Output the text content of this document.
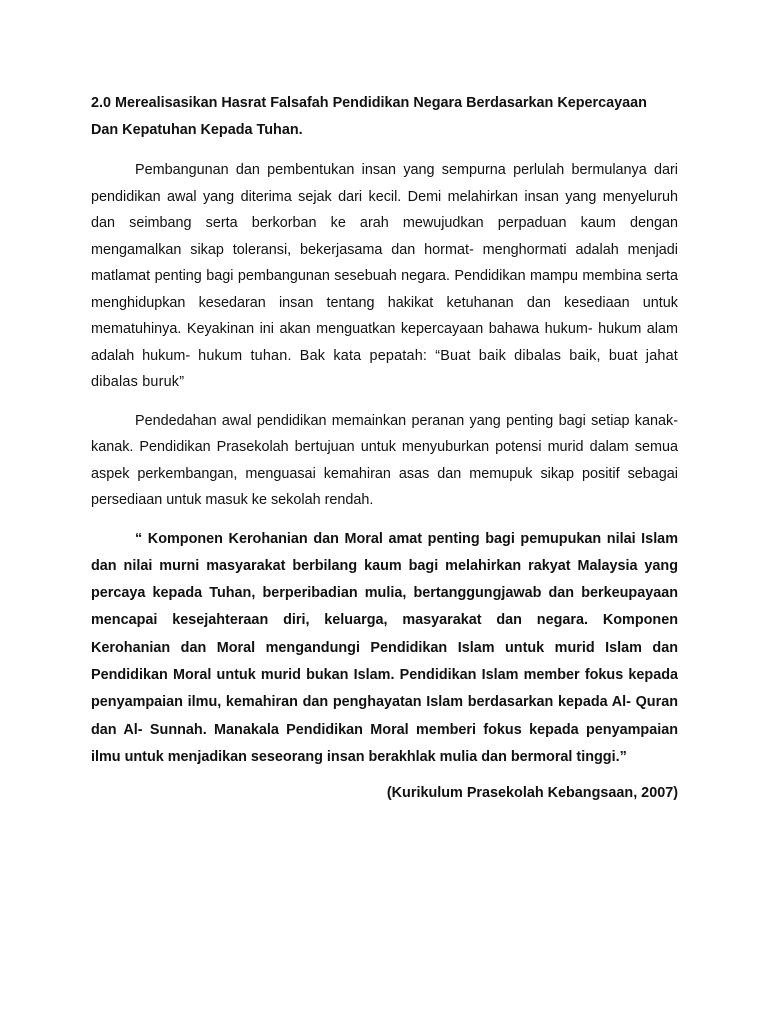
2.0 Merealisasikan Hasrat Falsafah Pendidikan Negara Berdasarkan Kepercayaan Dan Kepatuhan Kepada Tuhan.

Pembangunan dan pembentukan insan yang sempurna perlulah bermulanya dari pendidikan awal yang diterima sejak dari kecil. Demi melahirkan insan yang menyeluruh dan seimbang serta berkorban ke arah mewujudkan perpaduan kaum dengan mengamalkan sikap toleransi, bekerjasama dan hormat- menghormati adalah menjadi matlamat penting bagi pembangunan sesebuah negara. Pendidikan mampu membina serta menghidupkan kesedaran insan tentang hakikat ketuhanan dan kesediaan untuk mematuhinya. Keyakinan ini akan menguatkan kepercayaan bahawa hukum- hukum alam adalah hukum- hukum tuhan. Bak kata pepatah: “Buat baik dibalas baik, buat jahat dibalas buruk”

Pendedahan awal pendidikan memainkan peranan yang penting bagi setiap kanak- kanak. Pendidikan Prasekolah bertujuan untuk menyuburkan potensi murid dalam semua aspek perkembangan, menguasai kemahiran asas dan memupuk sikap positif sebagai persediaan untuk masuk ke sekolah rendah.

“ Komponen Kerohanian dan Moral amat penting bagi pemupukan nilai Islam dan nilai murni masyarakat berbilang kaum bagi melahirkan rakyat Malaysia yang percaya kepada Tuhan, berperibadian mulia, bertanggungjawab dan berkeupayaan mencapai kesejahteraan diri, keluarga, masyarakat dan negara. Komponen Kerohanian dan Moral mengandungi Pendidikan Islam untuk murid Islam dan Pendidikan Moral untuk murid bukan Islam. Pendidikan Islam member fokus kepada penyampaian ilmu, kemahiran dan penghayatan Islam berdasarkan kepada Al- Quran dan Al- Sunnah. Manakala Pendidikan Moral memberi fokus kepada penyampaian ilmu untuk menjadikan seseorang insan berakhlak mulia dan bermoral tinggi.”

(Kurikulum Prasekolah Kebangsaan, 2007)
